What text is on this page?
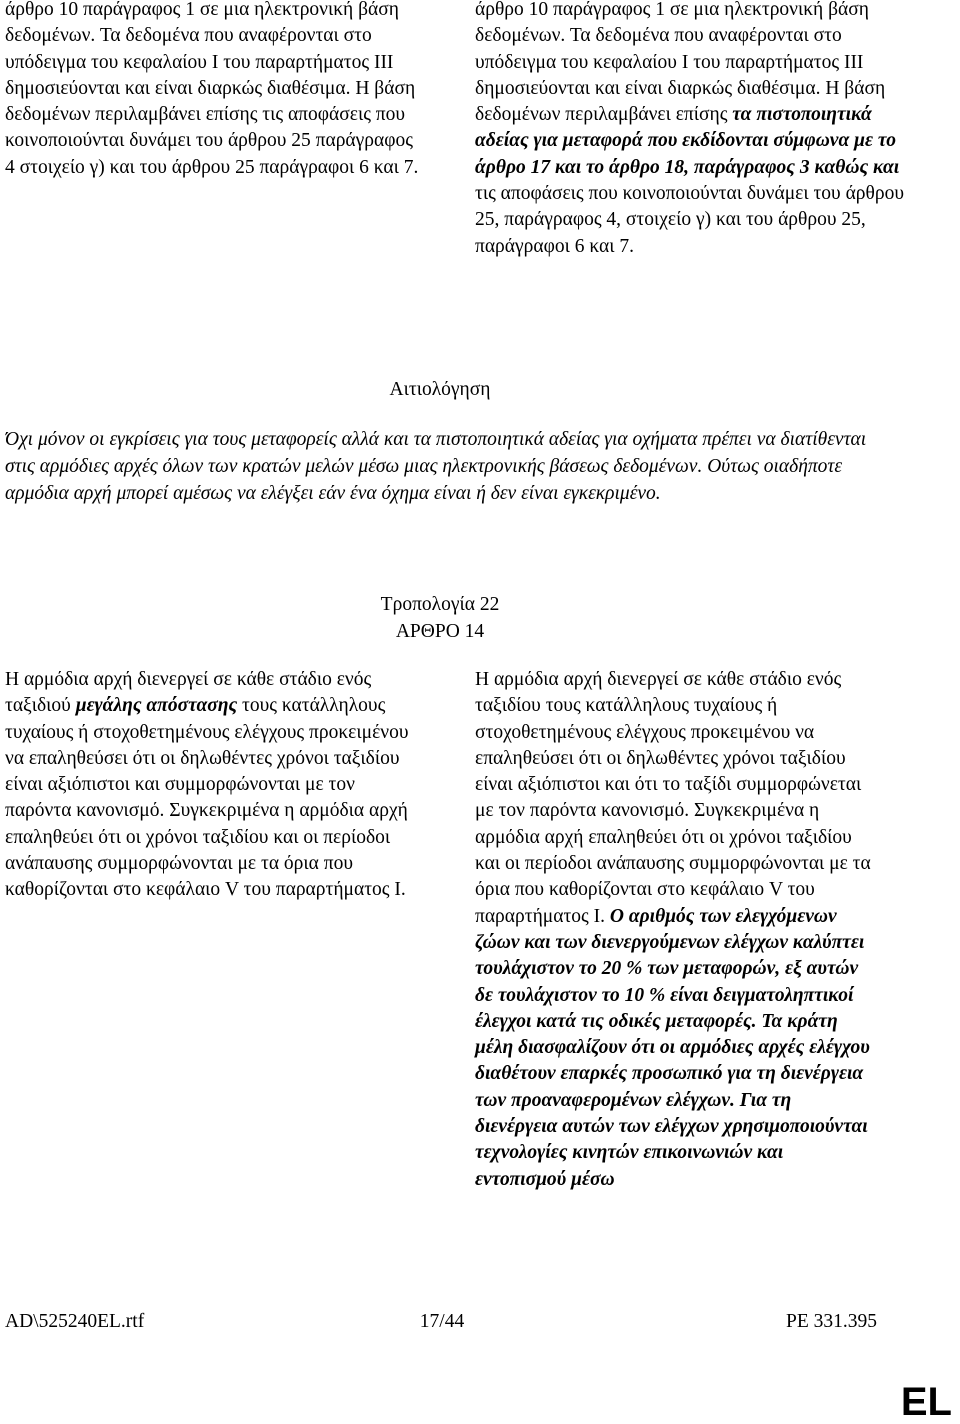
άρθρο 10 παράγραφος 1 σε μια ηλεκτρονική βάση δεδομένων. Τα δεδομένα που αναφέρονται στο υπόδειγμα του κεφαλαίου Ι του παραρτήματος ΙΙΙ δημοσιεύονται και είναι διαρκώς διαθέσιμα. Η βάση δεδομένων περιλαμβάνει επίσης τις αποφάσεις που κοινοποιούνται δυνάμει του άρθρου 25 παράγραφος 4 στοιχείο γ) και του άρθρου 25 παράγραφοι 6 και 7.

άρθρο 10 παράγραφος 1 σε μια ηλεκτρονική βάση δεδομένων. Τα δεδομένα που αναφέρονται στο υπόδειγμα του κεφαλαίου Ι του παραρτήματος ΙΙΙ δημοσιεύονται και είναι διαρκώς διαθέσιμα. Η βάση δεδομένων περιλαμβάνει επίσης τα πιστοποιητικά αδείας για μεταφορά που εκδίδονται σύμφωνα με το άρθρο 17 και το άρθρο 18, παράγραφος 3 καθώς και τις αποφάσεις που κοινοποιούνται δυνάμει του άρθρου 25, παράγραφος 4, στοιχείο γ) και του άρθρου 25, παράγραφοι 6 και 7.

Αιτιολόγηση

Όχι μόνον οι εγκρίσεις για τους μεταφορείς αλλά και τα πιστοποιητικά αδείας για οχήματα πρέπει να διατίθενται στις αρμόδιες αρχές όλων των κρατών μελών μέσω μιας ηλεκτρονικής βάσεως δεδομένων. Ούτως οιαδήποτε αρμόδια αρχή μπορεί αμέσως να ελέγξει εάν ένα όχημα είναι ή δεν είναι εγκεκριμένο.

Τροπολογία 22
ΑΡΘΡΟ 14

Η αρμόδια αρχή διενεργεί σε κάθε στάδιο ενός ταξιδιού μεγάλης απόστασης τους κατάλληλους τυχαίους ή στοχοθετημένους ελέγχους προκειμένου να επαληθεύσει ότι οι δηλωθέντες χρόνοι ταξιδίου είναι αξιόπιστοι και συμμορφώνονται με τον παρόντα κανονισμό. Συγκεκριμένα η αρμόδια αρχή επαληθεύει ότι οι χρόνοι ταξιδίου και οι περίοδοι ανάπαυσης συμμορφώνονται με τα όρια που καθορίζονται στο κεφάλαιο V του παραρτήματος Ι.

Η αρμόδια αρχή διενεργεί σε κάθε στάδιο ενός ταξιδίου τους κατάλληλους τυχαίους ή στοχοθετημένους ελέγχους προκειμένου να επαληθεύσει ότι οι δηλωθέντες χρόνοι ταξιδίου είναι αξιόπιστοι και ότι το ταξίδι συμμορφώνεται με τον παρόντα κανονισμό. Συγκεκριμένα η αρμόδια αρχή επαληθεύει ότι οι χρόνοι ταξιδίου και οι περίοδοι ανάπαυσης συμμορφώνονται με τα όρια που καθορίζονται στο κεφάλαιο V του παραρτήματος Ι. Ο αριθμός των ελεγχόμενων ζώων και των διενεργούμενων ελέγχων καλύπτει τουλάχιστον το 20 % των μεταφορών, εξ αυτών δε τουλάχιστον το 10 % είναι δειγματοληπτικοί έλεγχοι κατά τις οδικές μεταφορές. Τα κράτη μέλη διασφαλίζουν ότι οι αρμόδιες αρχές ελέγχου διαθέτουν επαρκές προσωπικό για τη διενέργεια των προαναφερομένων ελέγχων. Για τη διενέργεια αυτών των ελέγχων χρησιμοποιούνται τεχνολογίες κινητών επικοινωνιών και εντοπισμού μέσω

AD\525240EL.rtf	17/44	PE 331.395
EL
